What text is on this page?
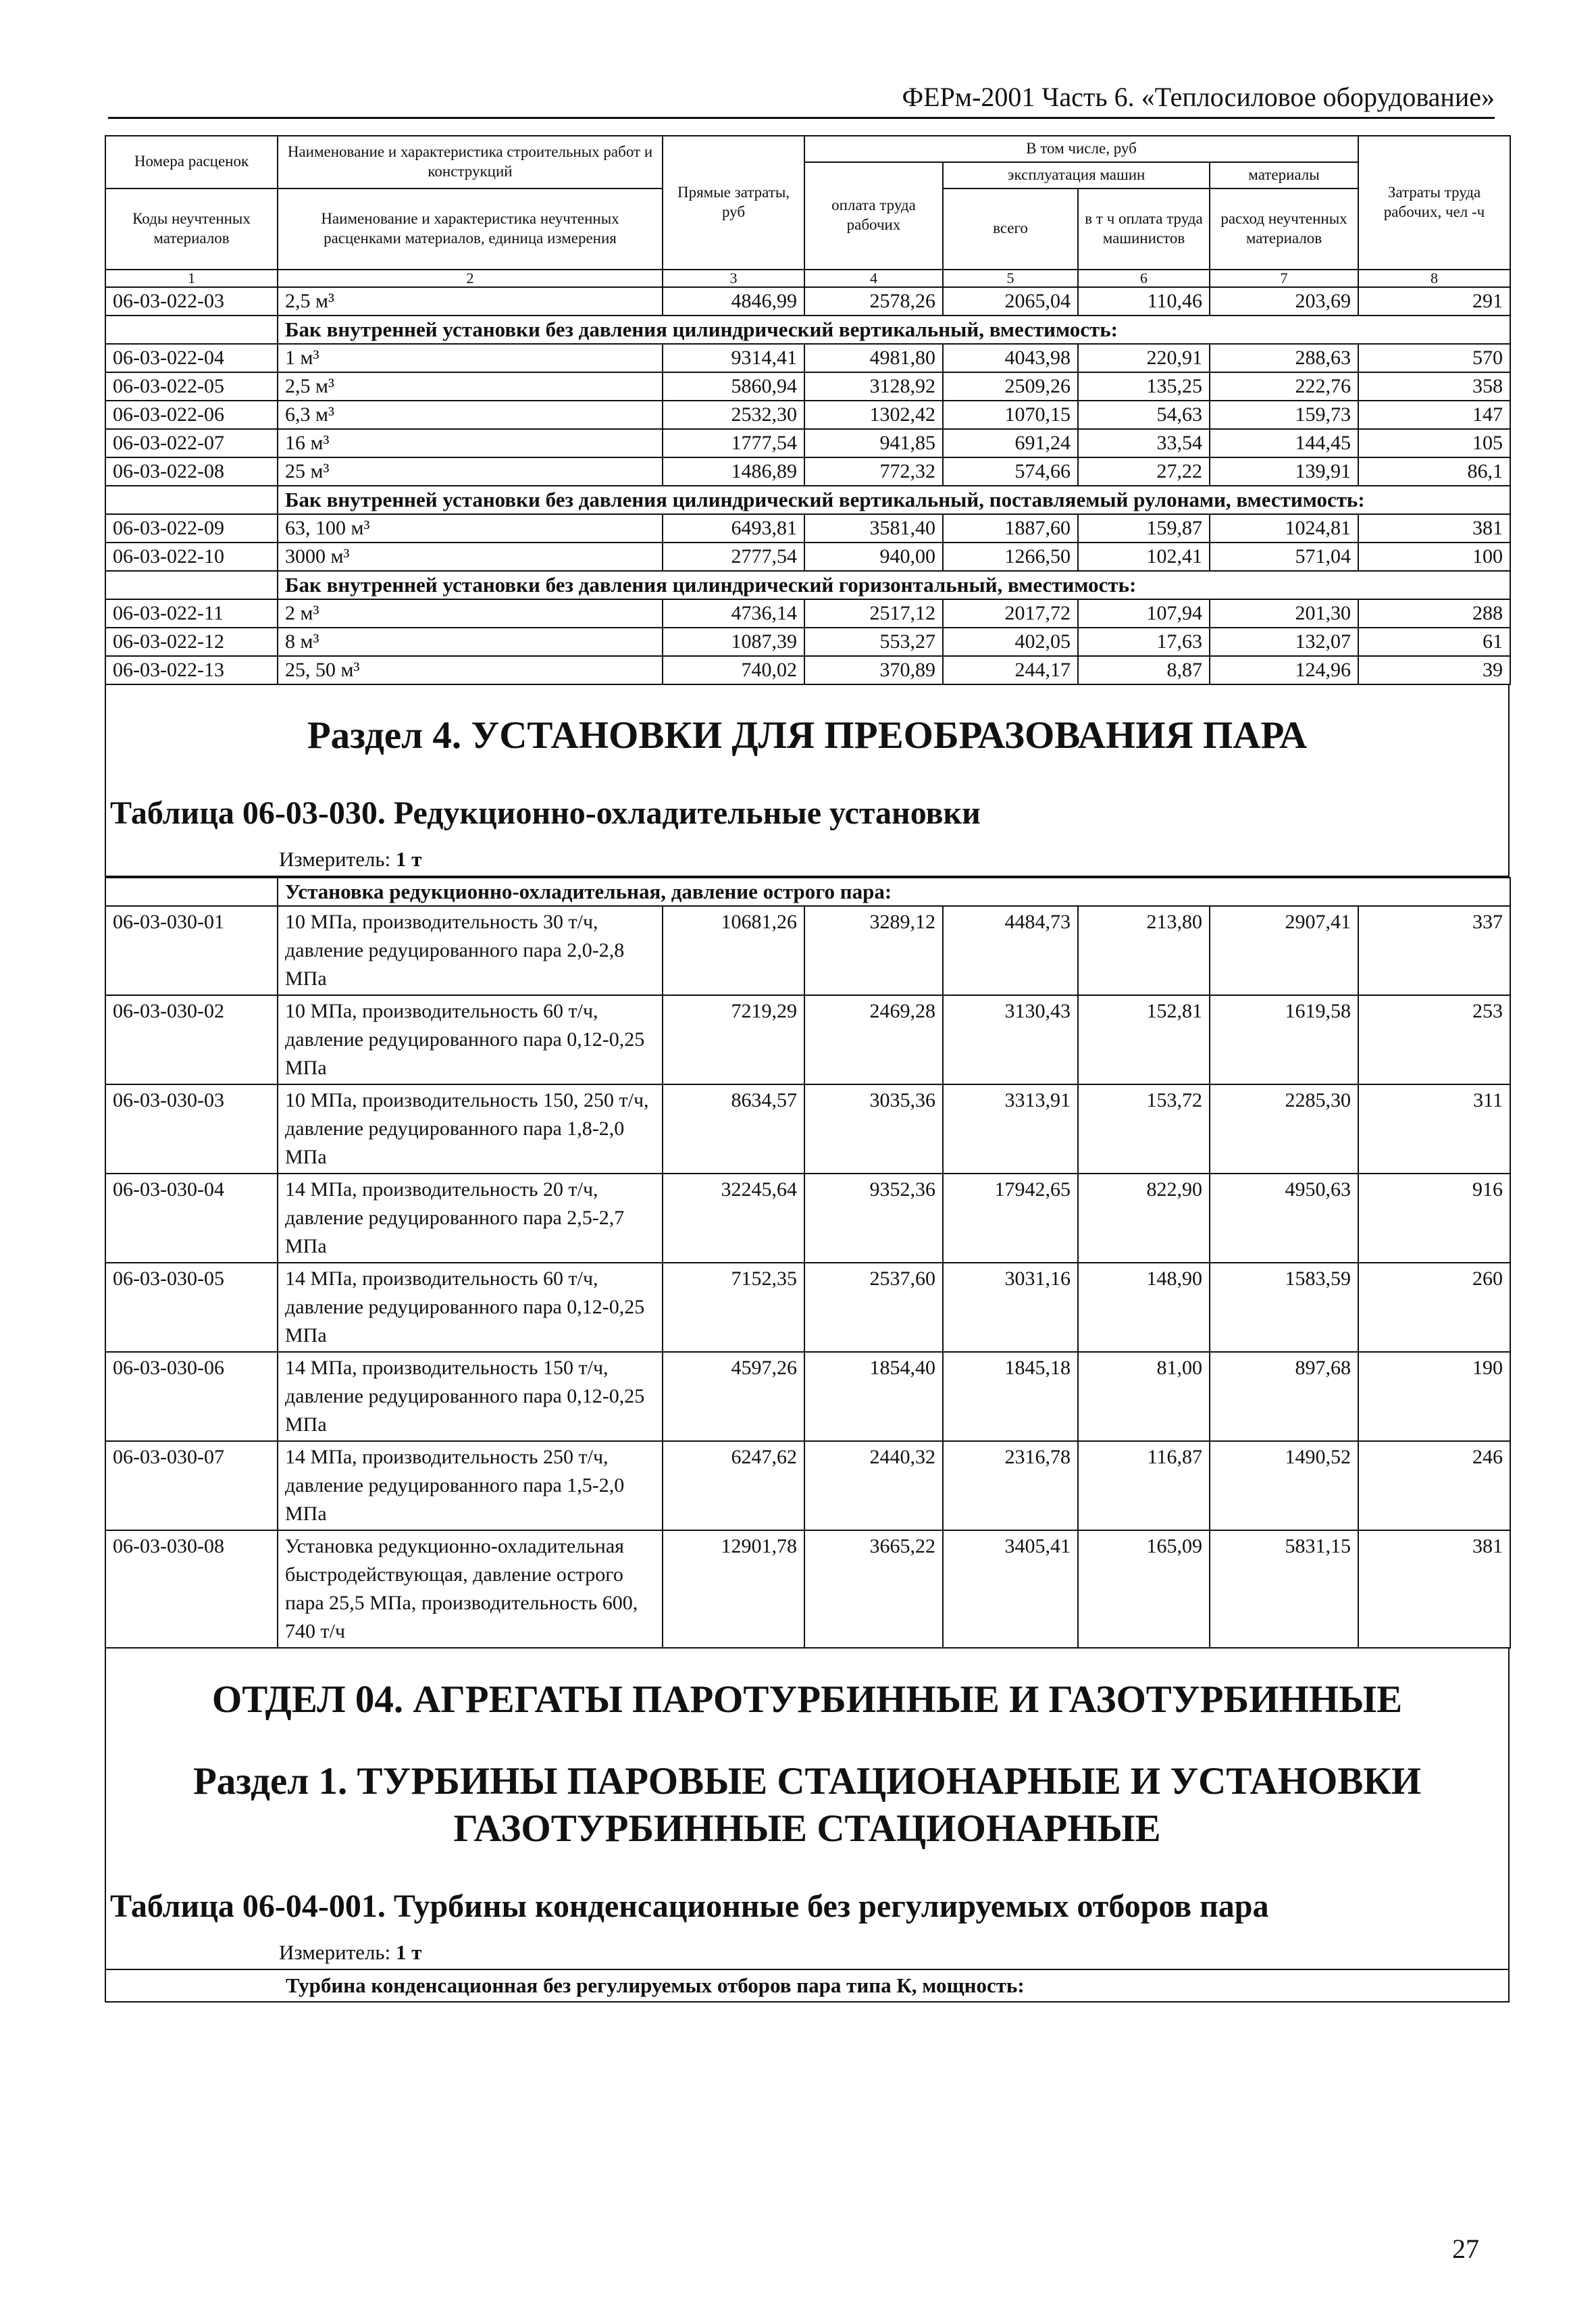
ФЕРм-2001 Часть 6. «Теплосиловое оборудование»
Номера расценок	Наименование и характеристика строительных работ и конструкций	Прямые затраты, руб	В том числе, руб				Затраты труда рабочих, чел -ч
			оплата труда рабочих	эксплуатация машин		материалы	
Коды неучтенных материалов	Наименование и характеристика неучтенных расценками материалов, единица измерения			всего	в т ч оплата труда машинистов	расход неучтенных материалов	

1	2	3	4	5	6	7	8
06-03-022-03	2,5 м³	4846,99	2578,26	2065,04	110,46	203,69	291
	Бак внутренней установки без давления цилиндрический вертикальный, вместимость:						
06-03-022-04	1 м³	9314,41	4981,80	4043,98	220,91	288,63	570
06-03-022-05	2,5 м³	5860,94	3128,92	2509,26	135,25	222,76	358
06-03-022-06	6,3 м³	2532,30	1302,42	1070,15	54,63	159,73	147
06-03-022-07	16 м³	1777,54	941,85	691,24	33,54	144,45	105
06-03-022-08	25 м³	1486,89	772,32	574,66	27,22	139,91	86,1
	Бак внутренней установки без давления цилиндрический вертикальный, поставляемый рулонами, вместимость:						
06-03-022-09	63, 100 м³	6493,81	3581,40	1887,60	159,87	1024,81	381
06-03-022-10	3000 м³	2777,54	940,00	1266,50	102,41	571,04	100
	Бак внутренней установки без давления цилиндрический горизонтальный, вместимость:						
06-03-022-11	2 м³	4736,14	2517,12	2017,72	107,94	201,30	288
06-03-022-12	8 м³	1087,39	553,27	402,05	17,63	132,07	61
06-03-022-13	25, 50 м³	740,02	370,89	244,17	8,87	124,96	39
Раздел 4. УСТАНОВКИ ДЛЯ ПРЕОБРАЗОВАНИЯ ПАРА
Таблица 06-03-030. Редукционно-охладительные установки
Измеритель: 1 т
	Установка редукционно-охладительная, давление острого пара:						
06-03-030-01	10 МПа, производительность 30 т/ч, давление редуцированного пара 2,0-2,8 МПа	10681,26	3289,12	4484,73	213,80	2907,41	337
06-03-030-02	10 МПа, производительность 60 т/ч, давление редуцированного пара 0,12-0,25 МПа	7219,29	2469,28	3130,43	152,81	1619,58	253
06-03-030-03	10 МПа, производительность 150, 250 т/ч, давление редуцированного пара 1,8-2,0 МПа	8634,57	3035,36	3313,91	153,72	2285,30	311
06-03-030-04	14 МПа, производительность 20 т/ч, давление редуцированного пара 2,5-2,7 МПа	32245,64	9352,36	17942,65	822,90	4950,63	916
06-03-030-05	14 МПа, производительность 60 т/ч, давление редуцированного пара 0,12-0,25 МПа	7152,35	2537,60	3031,16	148,90	1583,59	260
06-03-030-06	14 МПа, производительность 150 т/ч, давление редуцированного пара 0,12-0,25 МПа	4597,26	1854,40	1845,18	81,00	897,68	190
06-03-030-07	14 МПа, производительность 250 т/ч, давление редуцированного пара 1,5-2,0 МПа	6247,62	2440,32	2316,78	116,87	1490,52	246
06-03-030-08	Установка редукционно-охладительная быстродействующая, давление острого пара 25,5 МПа, производительность 600, 740 т/ч	12901,78	3665,22	3405,41	165,09	5831,15	381
ОТДЕЛ 04. АГРЕГАТЫ ПАРОТУРБИННЫЕ И ГАЗОТУРБИННЫЕ
Раздел 1. ТУРБИНЫ ПАРОВЫЕ СТАЦИОНАРНЫЕ И УСТАНОВКИ ГАЗОТУРБИННЫЕ СТАЦИОНАРНЫЕ
Таблица 06-04-001. Турбины конденсационные без регулируемых отборов пара
Измеритель: 1 т
Турбина конденсационная без регулируемых отборов пара типа К, мощность:
27
